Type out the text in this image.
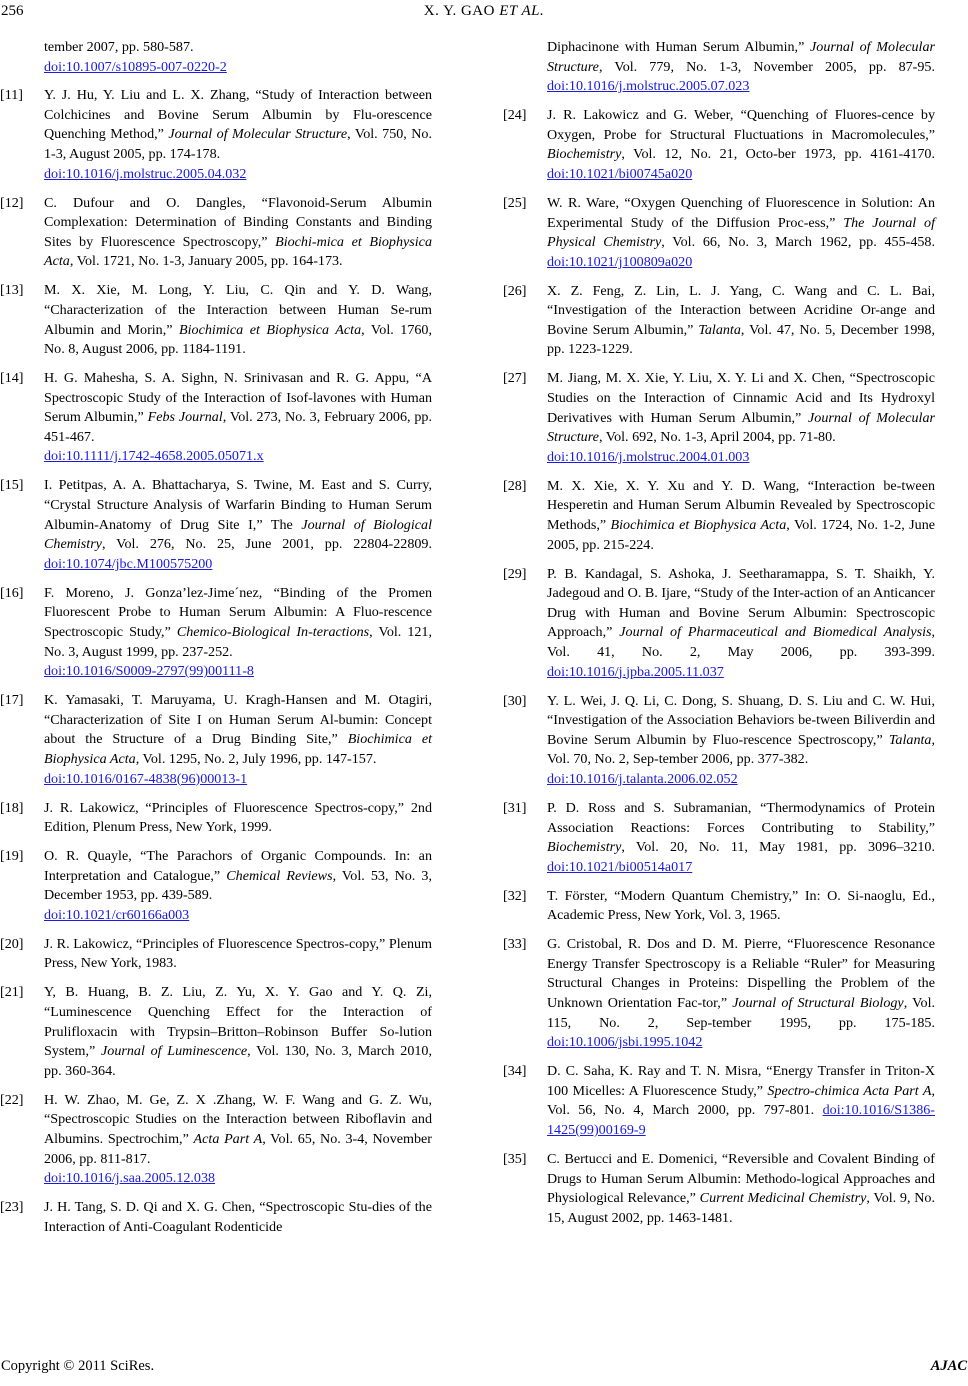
256	X. Y. GAO ET AL.
tember 2007, pp. 580-587.
doi:10.1007/s10895-007-0220-2
[11]	Y. J. Hu, Y. Liu and L. X. Zhang, “Study of Interaction between Colchicines and Bovine Serum Albumin by Flu-orescence Quenching Method,” Journal of Molecular Structure, Vol. 750, No. 1-3, August 2005, pp. 174-178.
doi:10.1016/j.molstruc.2005.04.032
[12]	C. Dufour and O. Dangles, “Flavonoid-Serum Albumin Complexation: Determination of Binding Constants and Binding Sites by Fluorescence Spectroscopy,” Biochi-mica et Biophysica Acta, Vol. 1721, No. 1-3, January 2005, pp. 164-173.
[13]	M. X. Xie, M. Long, Y. Liu, C. Qin and Y. D. Wang, “Characterization of the Interaction between Human Se-rum Albumin and Morin,” Biochimica et Biophysica Acta, Vol. 1760, No. 8, August 2006, pp. 1184-1191.
[14]	H. G. Mahesha, S. A. Sighn, N. Srinivasan and R. G. Appu, “A Spectroscopic Study of the Interaction of Isof-lavones with Human Serum Albumin,” Febs Journal, Vol. 273, No. 3, February 2006, pp. 451-467.
doi:10.1111/j.1742-4658.2005.05071.x
[15]	I. Petitpas, A. A. Bhattacharya, S. Twine, M. East and S. Curry, “Crystal Structure Analysis of Warfarin Binding to Human Serum Albumin-Anatomy of Drug Site I,” The Journal of Biological Chemistry, Vol. 276, No. 25, June 2001, pp. 22804-22809. doi:10.1074/jbc.M100575200
[16]	F. Moreno, J. Gonza’lez-Jime´nez, “Binding of the Promen Fluorescent Probe to Human Serum Albumin: A Fluo-rescence Spectroscopic Study,” Chemico-Biological In-teractions, Vol. 121, No. 3, August 1999, pp. 237-252.
doi:10.1016/S0009-2797(99)00111-8
[17]	K. Yamasaki, T. Maruyama, U. Kragh-Hansen and M. Otagiri, “Characterization of Site I on Human Serum Al-bumin: Concept about the Structure of a Drug Binding Site,” Biochimica et Biophysica Acta, Vol. 1295, No. 2, July 1996, pp. 147-157.
doi:10.1016/0167-4838(96)00013-1
[18]	J. R. Lakowicz, “Principles of Fluorescence Spectros-copy,” 2nd Edition, Plenum Press, New York, 1999.
[19]	O. R. Quayle, “The Parachors of Organic Compounds. In: an Interpretation and Catalogue,” Chemical Reviews, Vol. 53, No. 3, December 1953, pp. 439-589.
doi:10.1021/cr60166a003
[20]	J. R. Lakowicz, “Principles of Fluorescence Spectros-copy,” Plenum Press, New York, 1983.
[21]	Y, B. Huang, B. Z. Liu, Z. Yu, X. Y. Gao and Y. Q. Zi, “Luminescence Quenching Effect for the Interaction of Prulifloxacin with Trypsin–Britton–Robinson Buffer So-lution System,” Journal of Luminescence, Vol. 130, No. 3, March 2010, pp. 360-364.
[22]	H. W. Zhao, M. Ge, Z. X .Zhang, W. F. Wang and G. Z. Wu, “Spectroscopic Studies on the Interaction between Riboflavin and Albumins. Spectrochim,” Acta Part A, Vol. 65, No. 3-4, November 2006, pp. 811-817.
doi:10.1016/j.saa.2005.12.038
[23]	J. H. Tang, S. D. Qi and X. G. Chen, “Spectroscopic Stu-dies of the Interaction of Anti-Coagulant Rodenticide
Diphacinone with Human Serum Albumin,” Journal of Molecular Structure, Vol. 779, No. 1-3, November 2005, pp. 87-95. doi:10.1016/j.molstruc.2005.07.023
[24]	J. R. Lakowicz and G. Weber, “Quenching of Fluores-cence by Oxygen, Probe for Structural Fluctuations in Macromolecules,” Biochemistry, Vol. 12, No. 21, Octo-ber 1973, pp. 4161-4170. doi:10.1021/bi00745a020
[25]	W. R. Ware, “Oxygen Quenching of Fluorescence in Solution: An Experimental Study of the Diffusion Proc-ess,” The Journal of Physical Chemistry, Vol. 66, No. 3, March 1962, pp. 455-458. doi:10.1021/j100809a020
[26]	X. Z. Feng, Z. Lin, L. J. Yang, C. Wang and C. L. Bai, “Investigation of the Interaction between Acridine Or-ange and Bovine Serum Albumin,” Talanta, Vol. 47, No. 5, December 1998, pp. 1223-1229.
[27]	M. Jiang, M. X. Xie, Y. Liu, X. Y. Li and X. Chen, “Spectroscopic Studies on the Interaction of Cinnamic Acid and Its Hydroxyl Derivatives with Human Serum Albumin,” Journal of Molecular Structure, Vol. 692, No. 1-3, April 2004, pp. 71-80.
doi:10.1016/j.molstruc.2004.01.003
[28]	M. X. Xie, X. Y. Xu and Y. D. Wang, “Interaction be-tween Hesperetin and Human Serum Albumin Revealed by Spectroscopic Methods,” Biochimica et Biophysica Acta, Vol. 1724, No. 1-2, June 2005, pp. 215-224.
[29]	P. B. Kandagal, S. Ashoka, J. Seetharamappa, S. T. Shaikh, Y. Jadegoud and O. B. Ijare, “Study of the Inter-action of an Anticancer Drug with Human and Bovine Serum Albumin: Spectroscopic Approach,” Journal of Pharmaceutical and Biomedical Analysis, Vol. 41, No. 2, May 2006, pp. 393-399. doi:10.1016/j.jpba.2005.11.037
[30]	Y. L. Wei, J. Q. Li, C. Dong, S. Shuang, D. S. Liu and C. W. Hui, “Investigation of the Association Behaviors be-tween Biliverdin and Bovine Serum Albumin by Fluo-rescence Spectroscopy,” Talanta, Vol. 70, No. 2, Sep-tember 2006, pp. 377-382.
doi:10.1016/j.talanta.2006.02.052
[31]	P. D. Ross and S. Subramanian, “Thermodynamics of Protein Association Reactions: Forces Contributing to Stability,” Biochemistry, Vol. 20, No. 11, May 1981, pp. 3096–3210. doi:10.1021/bi00514a017
[32]	T. Förster, “Modern Quantum Chemistry,” In: O. Si-naoglu, Ed., Academic Press, New York, Vol. 3, 1965.
[33]	G. Cristobal, R. Dos and D. M. Pierre, “Fluorescence Resonance Energy Transfer Spectroscopy is a Reliable “Ruler” for Measuring Structural Changes in Proteins: Dispelling the Problem of the Unknown Orientation Fac-tor,” Journal of Structural Biology, Vol. 115, No. 2, Sep-tember 1995, pp. 175-185. doi:10.1006/jsbi.1995.1042
[34]	D. C. Saha, K. Ray and T. N. Misra, “Energy Transfer in Triton-X 100 Micelles: A Fluorescence Study,” Spectro-chimica Acta Part A, Vol. 56, No. 4, March 2000, pp. 797-801. doi:10.1016/S1386-1425(99)00169-9
[35]	C. Bertucci and E. Domenici, “Reversible and Covalent Binding of Drugs to Human Serum Albumin: Methodo-logical Approaches and Physiological Relevance,” Current Medicinal Chemistry, Vol. 9, No. 15, August 2002, pp. 1463-1481.
Copyright © 2011 SciRes.	AJAC
